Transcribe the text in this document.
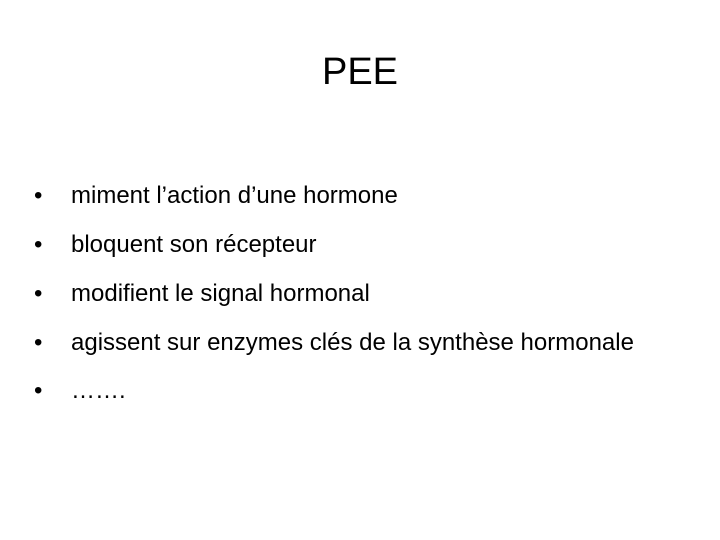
PEE
•	miment l’action d’une hormone
•	bloquent son récepteur
•	modifient le signal hormonal
•	agissent sur enzymes clés de la synthèse hormonale
•	…….
